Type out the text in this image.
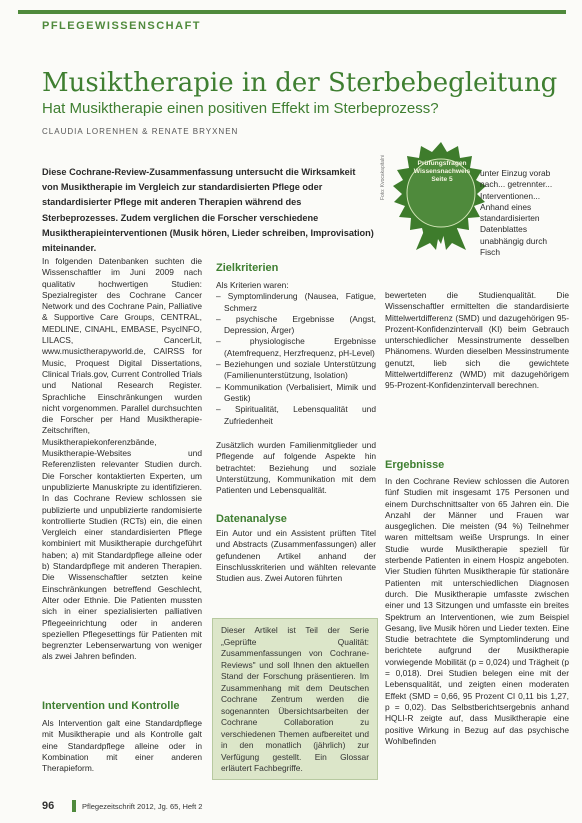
PFLEGEWISSENSCHAFT
Musiktherapie in der Sterbebegleitung
Hat Musiktherapie einen positiven Effekt im Sterbeprozess?
CLAUDIA LORENHEN & RENATE BRYXNEN
Diese Cochrane-Review-Zusammenfassung untersucht die Wirksamkeit von Musiktherapie im Vergleich zur standardisierten Pflege oder standardisierter Pflege mit anderen Therapien während des Sterbeprozesses. Zudem verglichen die Forscher verschiedene Musiktherapieinterventionen (Musik hören, Lieder schreiben, Improvisation) miteinander.
Prüfungsfragen Wissensnachweis Seite 5
Foto: Kvocakapitalni	unter Einzug vorab nach... getrennter... Interventionen... Anhand eines standardisierten Datenblattes unabhängig durch Fisch
In folgenden Datenbanken suchten die Wissenschaftler im Juni 2009 nach qualitativ hochwertigen Studien: Spezialregister des Cochrane Cancer Network und des Cochrane Pain, Palliative & Supportive Care Groups, CENTRAL, MEDLINE, CINAHL, EMBASE, PsycINFO, LILACS, CancerLit, www.musictherapyworld.de, CAIRSS for Music, Proquest Digital Dissertations, Clinical Trials.gov, Current Controlled Trials und National Research Register. Sprachliche Einschränkungen wurden nicht vorgenommen. Parallel durchsuchten die Forscher per Hand Musiktherapie-Zeitschriften, Musiktherapiekonferenzbände, Musiktherapie-Websites und Referenzlisten relevanter Studien durch. Die Forscher kontaktierten Experten, um unpublizierte Manuskripte zu identifizieren. In das Cochrane Review schlossen sie publizierte und unpublizierte randomisierte kontrollierte Studien (RCTs) ein, die einen Vergleich einer standardisierten Pflege kombiniert mit Musiktherapie durchgeführt haben; a) mit Standardpflege alleine oder b) Standardpflege mit anderen Therapien. Die Wissenschaftler setzten keine Einschränkungen betreffend Geschlecht, Alter oder Ethnie. Die Patienten mussten sich in einer spezialisierten palliativen Pflegeeinrichtung oder in anderen speziellen Pflegesettings für Patienten mit begrenzter Lebenserwartung von weniger als zwei Jahren befinden.
Zielkriterien

Als Kriterien waren:

– Symptomlinderung (Nausea, Fatigue, Schmerz

– psychische Ergebnisse (Angst, Depression, Ärger)

– physiologische Ergebnisse (Atemfrequenz, Herzfrequenz, pH-Level)

– Beziehungen und soziale Unterstützung (Familienunterstützung, Isolation)

– Kommunikation (Verbalisiert, Mimik und Gestik)

– Spiritualität, Lebensqualität und Zufriedenheit

Zusätzlich wurden Familienmitglieder und Pflegende auf folgende Aspekte hin betrachtet: Beziehung und soziale Unterstützung, Kommunikation mit dem Patienten und Lebensqualität.
Datenanalyse
Ein Autor und ein Assistent prüften Titel und Abstracts (Zusammenfassungen) aller gefundenen Artikel anhand der Einschlusskriterien und wählten relevante Studien aus. Zwei Autoren führten
Dieser Artikel ist Teil der Serie „Geprüfte Qualität: Zusammenfassungen von Cochrane-Reviews" und soll Ihnen den aktuellen Stand der Forschung präsentieren. Im Zusammenhang mit dem Deutschen Cochrane Zentrum werden die sogenannten Übersichtsarbeiten der Cochrane Collaboration zu verschiedenen Themen aufbereitet und in den monatlich (jährlich) zur Verfügung gestellt. Ein Glossar erläutert Fachbegriffe.
Intervention und Kontrolle
Als Intervention galt eine Standardpflege mit Musiktherapie und als Kontrolle galt eine Standardpflege alleine oder in Kombination mit einer anderen Therapieform.
bewerteten die Studienqualität. Die Wissenschaftler ermittelten die standardisierte Mittelwertdifferenz (SMD) und dazugehörigen 95-Prozent-Konfidenzintervall (KI) beim Gebrauch unterschiedlicher Messinstrumente desselben Phänomens. Wurden dieselben Messinstrumente genutzt, lieb sich die gewichtete Mittelwertdifferenz (WMD) mit dazugehörigem 95-Prozent-Konfidenzintervall berechnen.
Ergebnisse
In den Cochrane Review schlossen die Autoren fünf Studien mit insgesamt 175 Personen und einem Durchschnittsalter von 65 Jahren ein. Die Anzahl der Männer und Frauen war ausgeglichen. Die meisten (94 %) Teilnehmer waren mitteltsam weiße Ursprungs. In einer Studie wurde Musiktherapie speziell für sterbende Patienten in einem Hospiz angeboten. Vier Studien führten Musiktherapie für stationäre Patienten mit unterschiedlichen Diagnosen durch. Die Musiktherapie umfasste zwischen einer und 13 Sitzungen und umfasste ein breites Spektrum an Interventionen, wie zum Beispiel Gesang, live Musik hören und Lieder texten. Eine Studie betrachtete die Symptomlinderung und berichtete aufgrund der Musiktherapie vorwiegende Mobilität (p = 0,024) und Trägheit (p = 0,018). Drei Studien belegen eine mit der Lebensqualität, und zeigten einen moderaten Effekt (SMD = 0,66, 95 Prozent CI 0,11 bis 1,27, p = 0,02). Das Selbstberichtsergebnis anhand HQLI-R zeigte auf, dass Musiktherapie eine positive Wirkung in Bezug auf das psychische Wohlbefinden
96	Pflegezeitschrift 2012, Jg. 65, Heft 2
